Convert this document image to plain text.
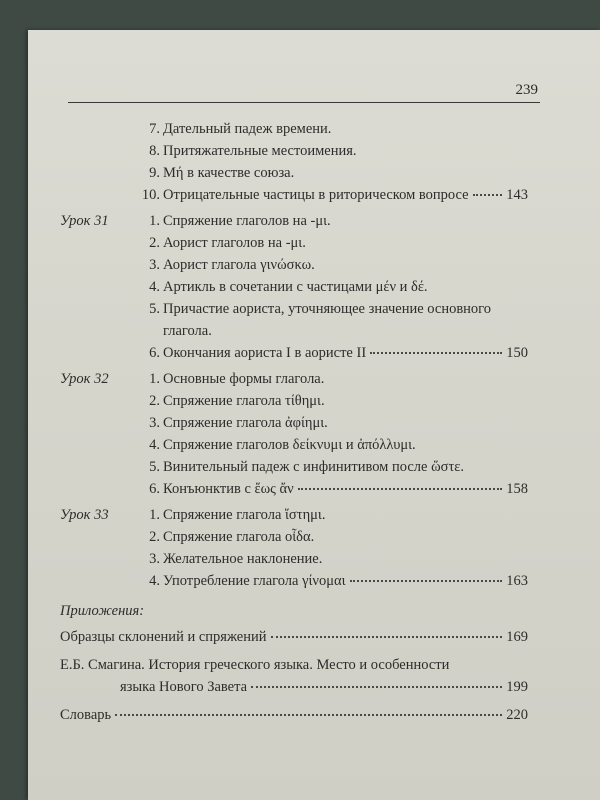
239
7. Дательный падеж времени.
8. Притяжательные местоимения.
9. Μή в качестве союза.
10. Отрицательные частицы в риторическом вопросе	143
Урок 31	1. Спряжение глаголов на -μι.
2. Аорист глаголов на -μι.
3. Аорист глагола γινώσκω.
4. Артикль в сочетании с частицами μέν и δέ.
5. Причастие аориста, уточняющее значение основного
глагола.
6. Окончания аориста I в аористе II	150
Урок 32	1. Основные формы глагола.
2. Спряжение глагола τίθημι.
3. Спряжение глагола ἀφίημι.
4. Спряжение глаголов δείκνυμι и ἀπόλλυμι.
5. Винительный падеж с инфинитивом после ὥστε.
6. Конъюнктив с ἕως ἄν	158
Урок 33	1. Спряжение глагола ἵστημι.
2. Спряжение глагола οἶδα.
3. Желательное наклонение.
4. Употребление глагола γίνομαι	163
Приложения:
Образцы склонений и спряжений	169
Е.Б. Смагина. История греческого языка. Место и особенности
языка Нового Завета	199
Словарь	220
